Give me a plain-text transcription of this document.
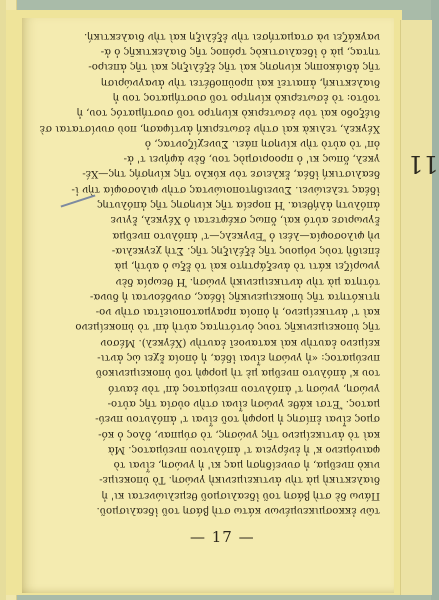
11
τῶν ἐκκοσμικευμένων κάτω στὴ βάση τοῦ ἰδεαλισμοῦ.
Πάνω δὲ στὴ βάση τοῦ ἰδεαλισμοῦ θεμελιώνεται κι' ἡ
διαλεκτικὴ μὰ τὴν ἀντικειμενικὴ γνώση. Τὸ ὑποκειμε-
νικὸ πνεῦμα, ἡ συνείδηση μας κι' ἡ γνώση, εἶναι τὸ
φαινόμενο κ' ἡ ἐνέργεια τ' ἀπόλυτου πνεύματος. Μὰ
καὶ τὸ ἀντικείμενο τῆς γνώσης, τὸ σύμπαν, ὅλος ὁ κό-
σμος εἶναι ἐπίσης ἡ μορφὴ τοῦ εἶναι τ' ἀπόλυτου πνεύ-
ματος. Ἔτσι κάθε γνώση εἶναι στὴν οὐσία τῆς αὐτο-
γνώση, γνώση τ' ἀπόλυτου πνεύματος ἀπ' τὸν ἑαυτό
του κ' ἀπόλυτο πνεῦμα μὲ τὴ μορφὴ τοῦ ὑποκειμενικοῦ
πνεύματος: «ἡ γνώση εἶναι ἰδέα, ἡ ὁποία ἔχει ὡς ἀντι-
κείμενο ἑαυτὴν καὶ κατανοεῖ ἑαυτὴν (Χέγκελ). Μέσον
τῆς ὑποκειμενικῆς τους ὀντότητας αὐτὴ ἀπ' τὸ ὑποκείμενο
καὶ τ' ἀντικείμενο, ἡ ὁποία πραγματοποιεῖται στὴν νο-
ητικότητα τῆς ὑποκειμενικῆς ἰδέας, συνδέονται ἡ δυνα-
τότητα μὰ τὴν ἀντικειμενικὴ γνώση. Ἡ θεωρία δὲν
γνωρίζει κάτι τὸ ἀνεξάρτητο καὶ τὸ ἔξω ὁ αὐτὴ, μὰ
ἐπειδὴ τοὺς νόμους τῆς ἐξέλιξης τῆς. Στὴ χεγκελια-
νὴ φιλοσοφία—λέει ὁ Ἔνγκελς—τ' ἀπόλυτο πνεῦμα
ἔγνωρισε αὐτό καὶ, ὅπως σκέφτεται ὁ Χέγκελ, ἔγινε
ἀπόλυτη ἀλήθεια. Ἡ πορεία τῆς κίνησης τῆς ἀπόλυτης
ἰδέας τελειώνει. Συνειδητοποιώντας στὴν φιλοσοφία τὴν ἰ-
δεαλιστική ἰδέα, ἔκλεισε τὸν κύκλο τῆς κίνησής της—Χέ-
γκελ, ὅπως κι' ὁ προορισμὸς του, δὲν ἀφήνει τ' ἀ-
ὀπ' τὸ αὐτὸ τὴν κίνηση πάει. Συνεχίζοντας, ὁ
Χέγκελ, τελικὰ καὶ στὴν ἐσωτερική ἀντίφαση, ποὺ συνίσταται σὲ
διέξοδο καὶ τὸν ἐσωτερικὸ κίνητρο τοῦ συστήματός του, ἡ
τοῦτο: τὸ ἐσωτερικὸ κίνητρο τοῦ συστήματος του ἡ
διαλεκτική, ἀπαιτεῖ καὶ προϋποθέτει τὴν ἀναγνώριση
τῆς ἀδιάκοπης κίνησης καὶ τῆς ἐξέλιξης καὶ τῆς ἀπειρο-
τητας, μὰ ὁ ἰδεαλιστικὸς τρόπος τῆς διαλεκτικῆς ὁ ἀ-
ναγκάζει νὰ σταματήσει τὴν ἐξέλιξη καὶ τὴν διαλεκτική.
— 17 —
